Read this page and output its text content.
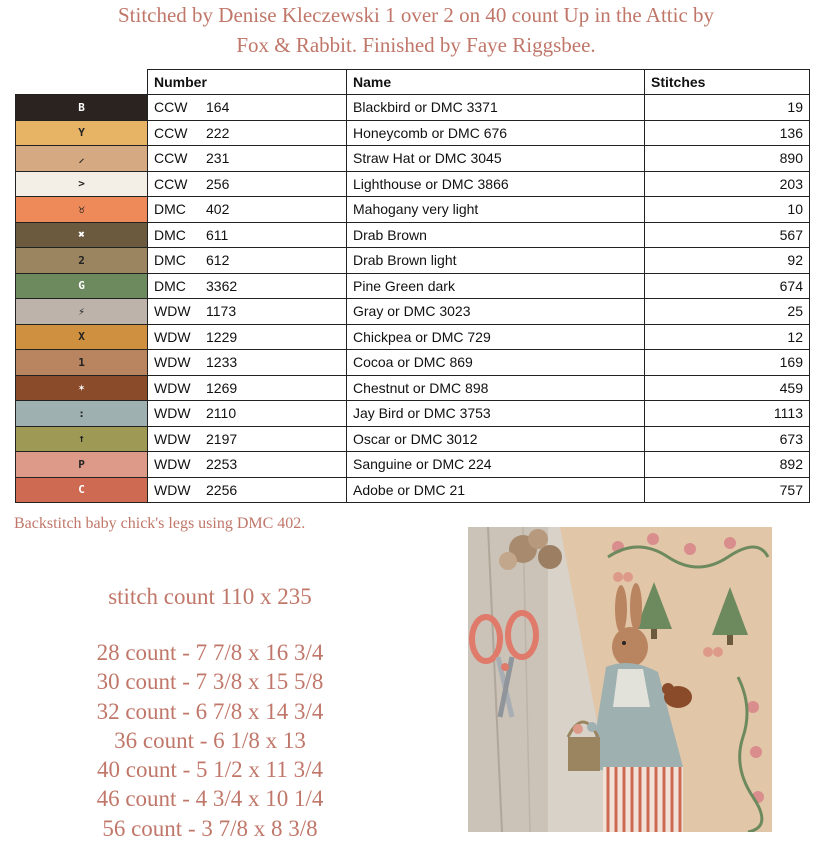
Stitched by Denise Kleczewski 1 over 2 on 40 count Up in the Attic by
Fox & Rabbit. Finished by Faye Riggsbee.
	Number	Name	Stitches
B	CCW 164	Blackbird or DMC 3371	19
Y	CCW 222	Honeycomb or DMC 676	136
⸝	CCW 231	Straw Hat or DMC 3045	890
>	CCW 256	Lighthouse or DMC 3866	203
♉	DMC 402	Mahogany very light	10
✖	DMC 611	Drab Brown	567
2	DMC 612	Drab Brown light	92
G	DMC 3362	Pine Green dark	674
⚡	WDW 1173	Gray or DMC 3023	25
X	WDW 1229	Chickpea or DMC 729	12
1	WDW 1233	Cocoa or DMC 869	169
✶	WDW 1269	Chestnut or DMC 898	459
:	WDW 2110	Jay Bird or DMC 3753	1113
↑	WDW 2197	Oscar or DMC 3012	673
P	WDW 2253	Sanguine or DMC 224	892
C	WDW 2256	Adobe or DMC 21	757
Backstitch baby chick's legs using DMC 402.
stitch count 110 x 235
28 count - 7 7/8 x 16 3/4
30 count - 7 3/8 x 15 5/8
32 count - 6 7/8 x 14 3/4
36 count - 6 1/8 x 13
40 count - 5 1/2 x 11 3/4
46 count - 4 3/4 x 10 1/4
56 count - 3 7/8 x 8 3/8
